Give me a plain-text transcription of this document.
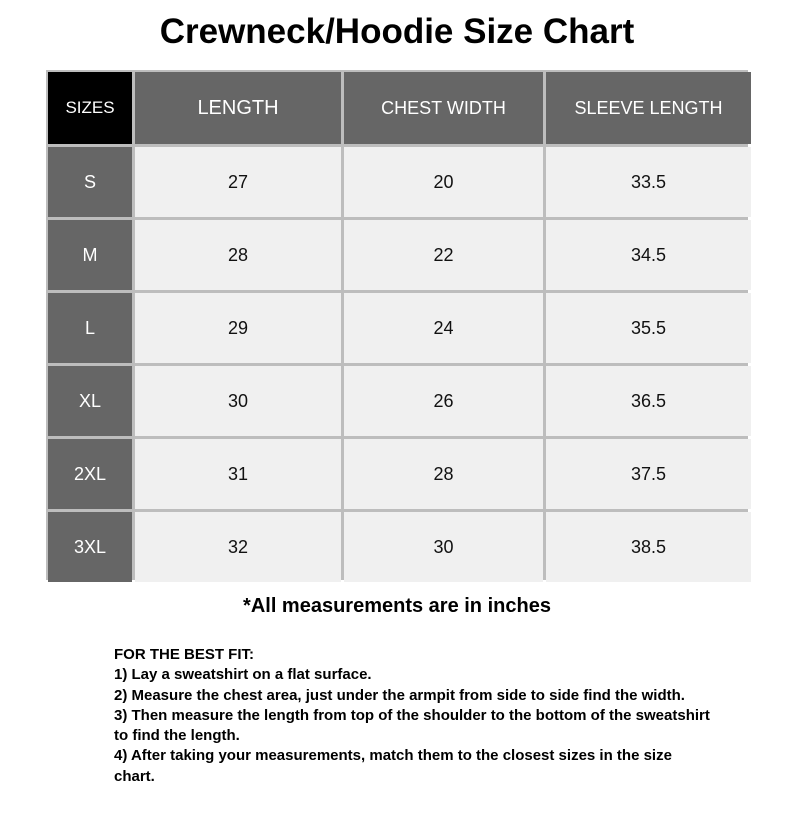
Crewneck/Hoodie Size Chart
SIZES	LENGTH	CHEST WIDTH	SLEEVE LENGTH
S	27	20	33.5
M	28	22	34.5
L	29	24	35.5
XL	30	26	36.5
2XL	31	28	37.5
3XL	32	30	38.5
*All measurements are in inches
FOR THE BEST FIT:
1) Lay a sweatshirt on a flat surface.
2) Measure the chest area, just under the armpit from side to side find the width.
3) Then measure the length from top of the shoulder to the bottom of the sweatshirt to find the length.
4) After taking your measurements, match them to the closest sizes in the size chart.
